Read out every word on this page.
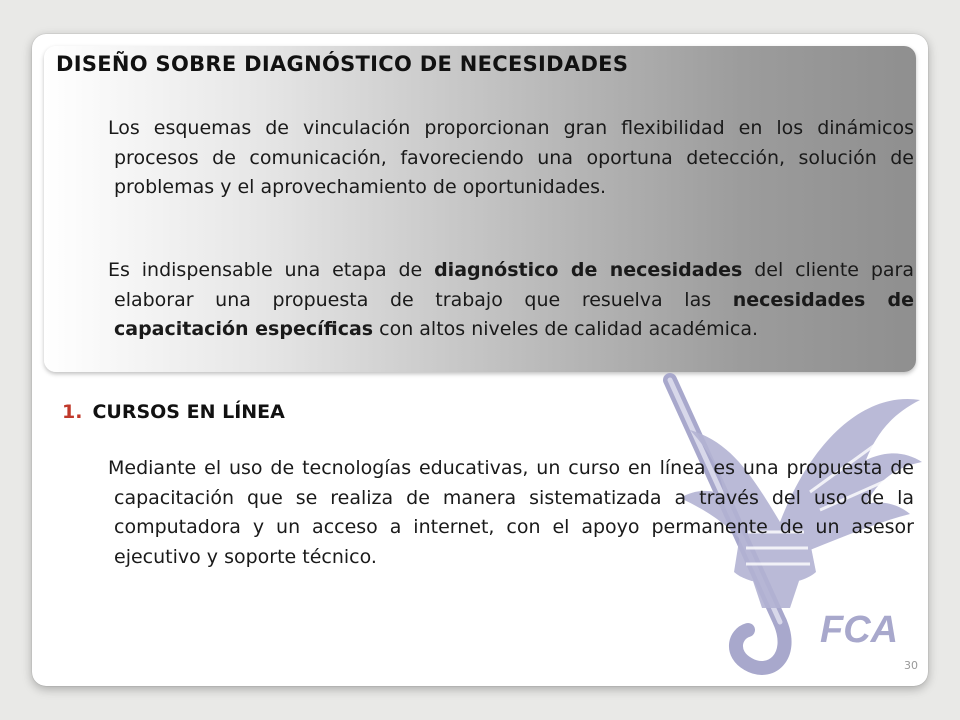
DISEÑO SOBRE DIAGNÓSTICO DE NECESIDADES

Los esquemas de vinculación proporcionan gran flexibilidad en los dinámicos procesos de comunicación, favoreciendo una oportuna detección, solución de problemas y el aprovechamiento de oportunidades.

Es indispensable una etapa de diagnóstico de necesidades del cliente para elaborar una propuesta de trabajo que resuelva las necesidades de capacitación específicas con altos niveles de calidad académica.

FCA
1. CURSOS EN LÍNEA

Mediante el uso de tecnologías educativas, un curso en línea es una propuesta de capacitación que se realiza de manera sistematizada a través del uso de la computadora y un acceso a internet, con el apoyo permanente de un asesor ejecutivo y soporte técnico.

30
